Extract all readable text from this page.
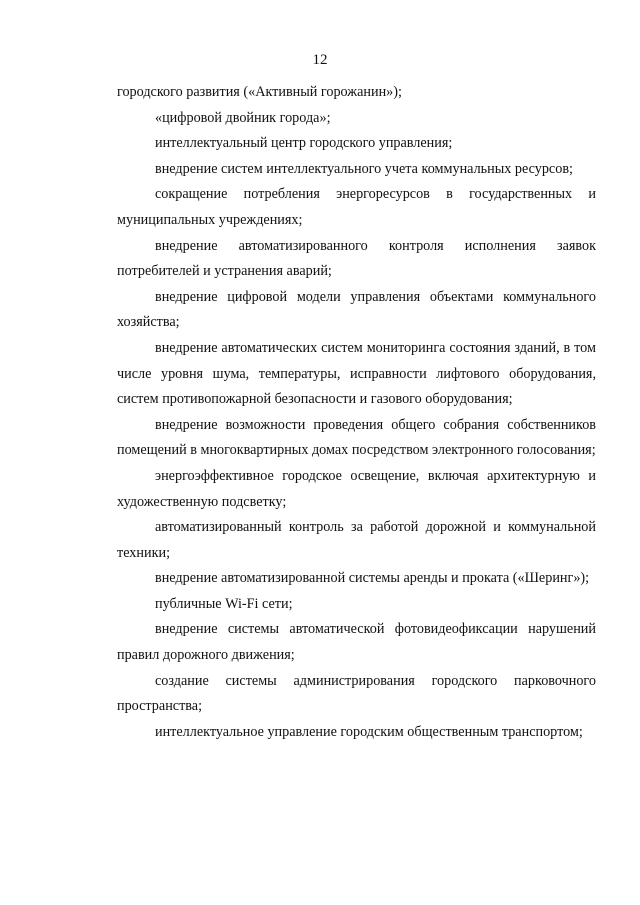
12

городского развития («Активный горожанин»);

«цифровой двойник города»;

интеллектуальный центр городского управления;

внедрение систем интеллектуального учета коммунальных ресурсов;

сокращение потребления энергоресурсов в государственных и муниципальных учреждениях;

внедрение автоматизированного контроля исполнения заявок потребителей и устранения аварий;

внедрение цифровой модели управления объектами коммунального хозяйства;

внедрение автоматических систем мониторинга состояния зданий, в том числе уровня шума, температуры, исправности лифтового оборудования, систем противопожарной безопасности и газового оборудования;

внедрение возможности проведения общего собрания собственников помещений в многоквартирных домах посредством электронного голосования;

энергоэффективное городское освещение, включая архитектурную и художественную подсветку;

автоматизированный контроль за работой дорожной и коммунальной техники;

внедрение автоматизированной системы аренды и проката («Шеринг»);

публичные Wi-Fi сети;

внедрение системы автоматической фотовидеофиксации нарушений правил дорожного движения;

создание системы администрирования городского парковочного пространства;

интеллектуальное управление городским общественным транспортом;
